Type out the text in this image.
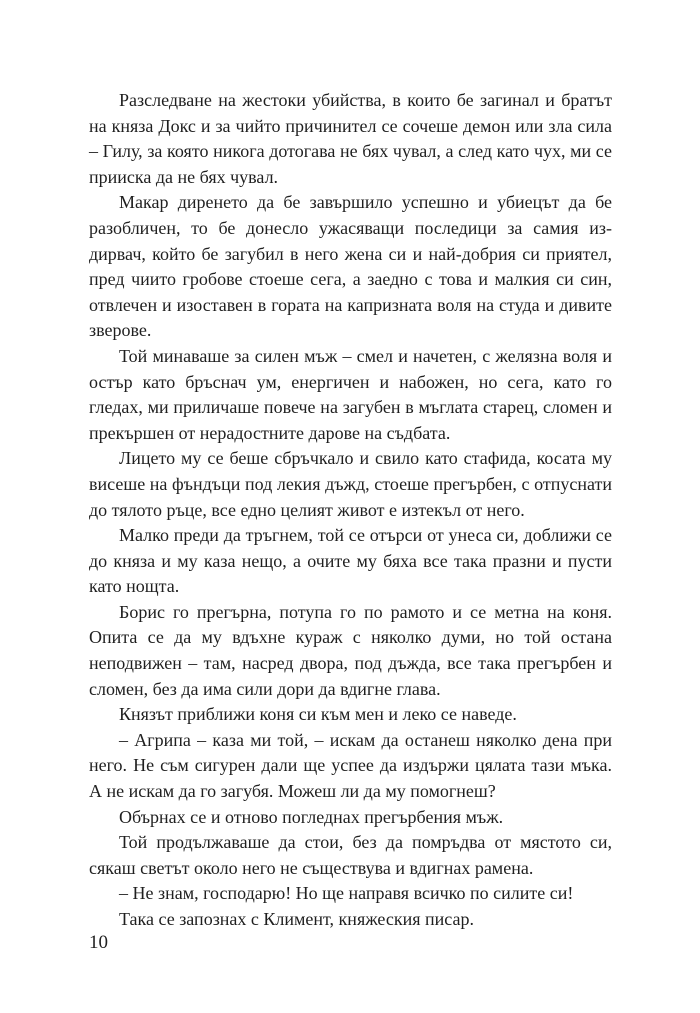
Разследване на жестоки убийства, в които бе загинал и братът на княза Докс и за чийто причинител се сочеше демон или зла сила – Гилу, за която никога дотогава не бях чувал, а след като чух, ми се прииска да не бях чувал.

Макар диренето да бе завършило успешно и убиецът да бе разобличен, то бе донесло ужасяващи последици за самия издирвач, който бе загубил в него жена си и най-добрия си приятел, пред чиито гробове стоеше сега, а заедно с това и малкия си син, отвлечен и изоставен в гората на капризната воля на студа и дивите зверове.

Той минаваше за силен мъж – смел и начетен, с желязна воля и остър като бръснач ум, енергичен и набожен, но сега, като го гледах, ми приличаше повече на загубен в мъглата старец, сломен и прекършен от нерадостните дарове на съдбата.

Лицето му се беше сбръчкало и свило като стафида, косата му висеше на фъндъци под лекия дъжд, стоеше прегърбен, с отпуснати до тялото ръце, все едно целият живот е изтекъл от него.

Малко преди да тръгнем, той се отърси от унеса си, доближи се до княза и му каза нещо, а очите му бяха все така празни и пусти като нощта.

Борис го прегърна, потупа го по рамото и се метна на коня. Опита се да му вдъхне кураж с няколко думи, но той остана неподвижен – там, насред двора, под дъжда, все така прегърбен и сломен, без да има сили дори да вдигне глава.

Князът приближи коня си към мен и леко се наведе.

– Агрипа – каза ми той, – искам да останеш няколко дена при него. Не съм сигурен дали ще успее да издържи цялата тази мъка. А не искам да го загубя. Можеш ли да му помогнеш?

Обърнах се и отново погледнах прегърбения мъж.

Той продължаваше да стои, без да помръдва от мястото си, сякаш светът около него не съществува и вдигнах рамена.

– Не знам, господарю! Но ще направя всичко по силите си!

Така се запознах с Климент, княжеския писар.

10
